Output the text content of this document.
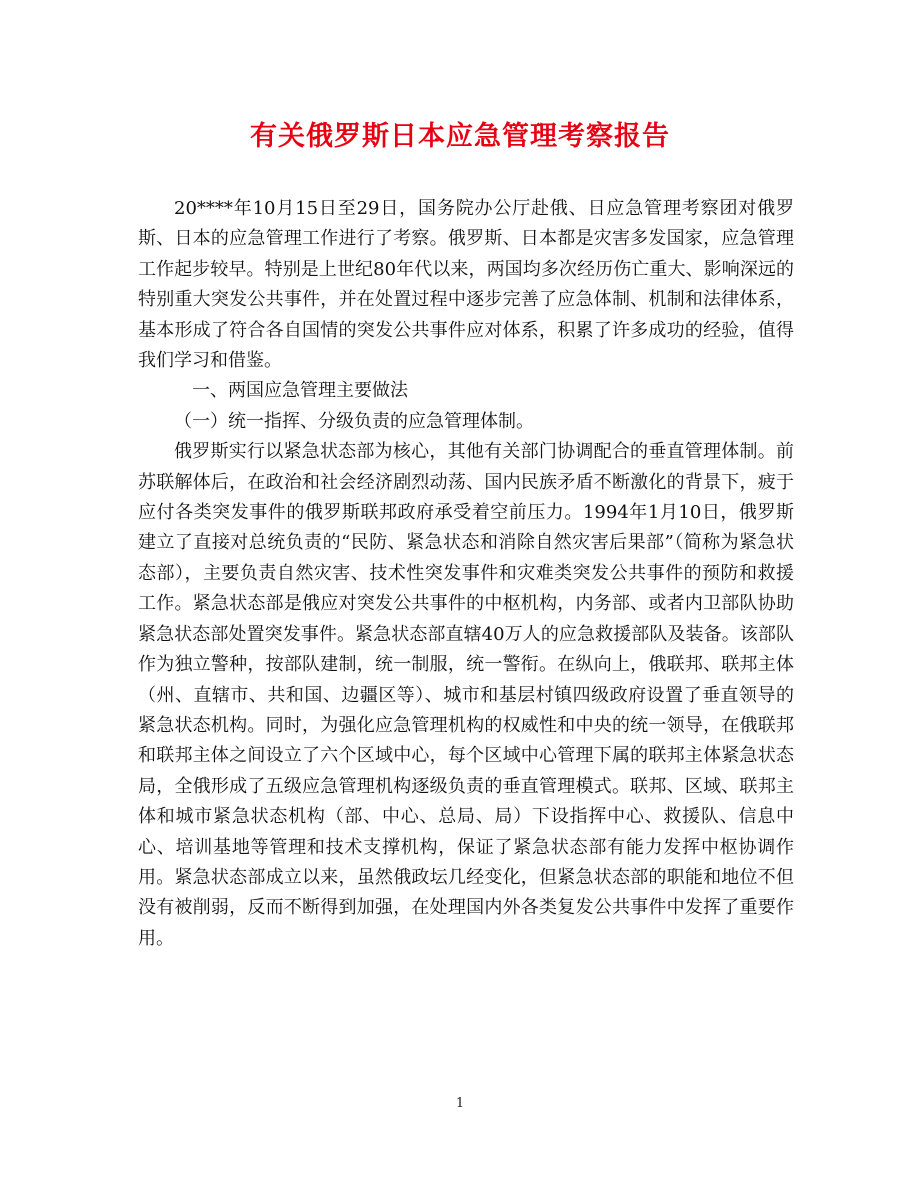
有关俄罗斯日本应急管理考察报告

20****年10月15日至29日，国务院办公厅赴俄、日应急管理考察团对俄罗斯、日本的应急管理工作进行了考察。俄罗斯、日本都是灾害多发国家，应急管理工作起步较早。特别是上世纪80年代以来，两国均多次经历伤亡重大、影响深远的特别重大突发公共事件，并在处置过程中逐步完善了应急体制、机制和法律体系，基本形成了符合各自国情的突发公共事件应对体系，积累了许多成功的经验，值得我们学习和借鉴。

一、两国应急管理主要做法

（一）统一指挥、分级负责的应急管理体制。

俄罗斯实行以紧急状态部为核心，其他有关部门协调配合的垂直管理体制。前苏联解体后，在政治和社会经济剧烈动荡、国内民族矛盾不断激化的背景下，疲于应付各类突发事件的俄罗斯联邦政府承受着空前压力。1994年1月10日，俄罗斯建立了直接对总统负责的“民防、紧急状态和消除自然灾害后果部”（简称为紧急状态部），主要负责自然灾害、技术性突发事件和灾难类突发公共事件的预防和救援工作。紧急状态部是俄应对突发公共事件的中枢机构，内务部、或者内卫部队协助紧急状态部处置突发事件。紧急状态部直辖40万人的应急救援部队及装备。该部队作为独立警种，按部队建制，统一制服，统一警衔。在纵向上，俄联邦、联邦主体（州、直辖市、共和国、边疆区等）、城市和基层村镇四级政府设置了垂直领导的紧急状态机构。同时，为强化应急管理机构的权威性和中央的统一领导，在俄联邦和联邦主体之间设立了六个区域中心，每个区域中心管理下属的联邦主体紧急状态局，全俄形成了五级应急管理机构逐级负责的垂直管理模式。联邦、区域、联邦主体和城市紧急状态机构（部、中心、总局、局）下设指挥中心、救援队、信息中心、培训基地等管理和技术支撑机构，保证了紧急状态部有能力发挥中枢协调作用。紧急状态部成立以来，虽然俄政坛几经变化，但紧急状态部的职能和地位不但没有被削弱，反而不断得到加强，在处理国内外各类复发公共事件中发挥了重要作用。

1
